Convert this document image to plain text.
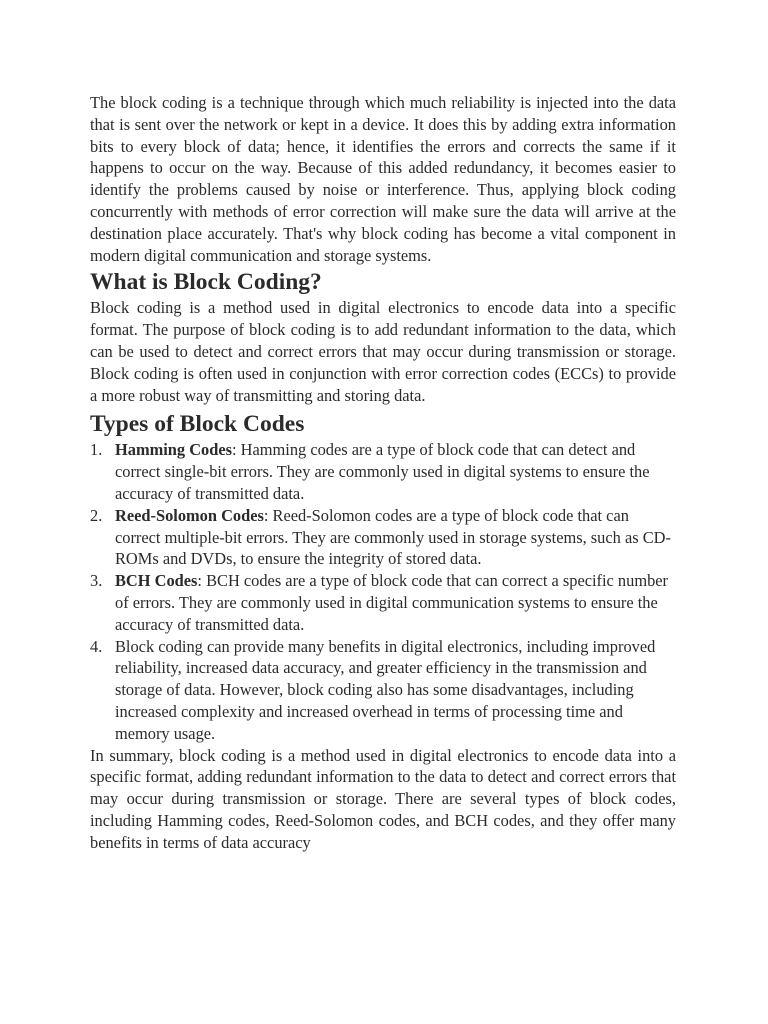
The block coding is a technique through which much reliability is injected into the data that is sent over the network or kept in a device. It does this by adding extra information bits to every block of data; hence, it identifies the errors and corrects the same if it happens to occur on the way. Because of this added redundancy, it becomes easier to identify the problems caused by noise or interference. Thus, applying block coding concurrently with methods of error correction will make sure the data will arrive at the destination place accurately. That's why block coding has become a vital component in modern digital communication and storage systems.

What is Block Coding?

Block coding is a method used in digital electronics to encode data into a specific format. The purpose of block coding is to add redundant information to the data, which can be used to detect and correct errors that may occur during transmission or storage. Block coding is often used in conjunction with error correction codes (ECCs) to provide a more robust way of transmitting and storing data.

Types of Block Codes
1. Hamming Codes: Hamming codes are a type of block code that can detect and correct single-bit errors. They are commonly used in digital systems to ensure the accuracy of transmitted data.
2. Reed-Solomon Codes: Reed-Solomon codes are a type of block code that can correct multiple-bit errors. They are commonly used in storage systems, such as CD-ROMs and DVDs, to ensure the integrity of stored data.
3. BCH Codes: BCH codes are a type of block code that can correct a specific number of errors. They are commonly used in digital communication systems to ensure the accuracy of transmitted data.
4. Block coding can provide many benefits in digital electronics, including improved reliability, increased data accuracy, and greater efficiency in the transmission and storage of data. However, block coding also has some disadvantages, including increased complexity and increased overhead in terms of processing time and memory usage.

In summary, block coding is a method used in digital electronics to encode data into a specific format, adding redundant information to the data to detect and correct errors that may occur during transmission or storage. There are several types of block codes, including Hamming codes, Reed-Solomon codes, and BCH codes, and they offer many benefits in terms of data accuracy
